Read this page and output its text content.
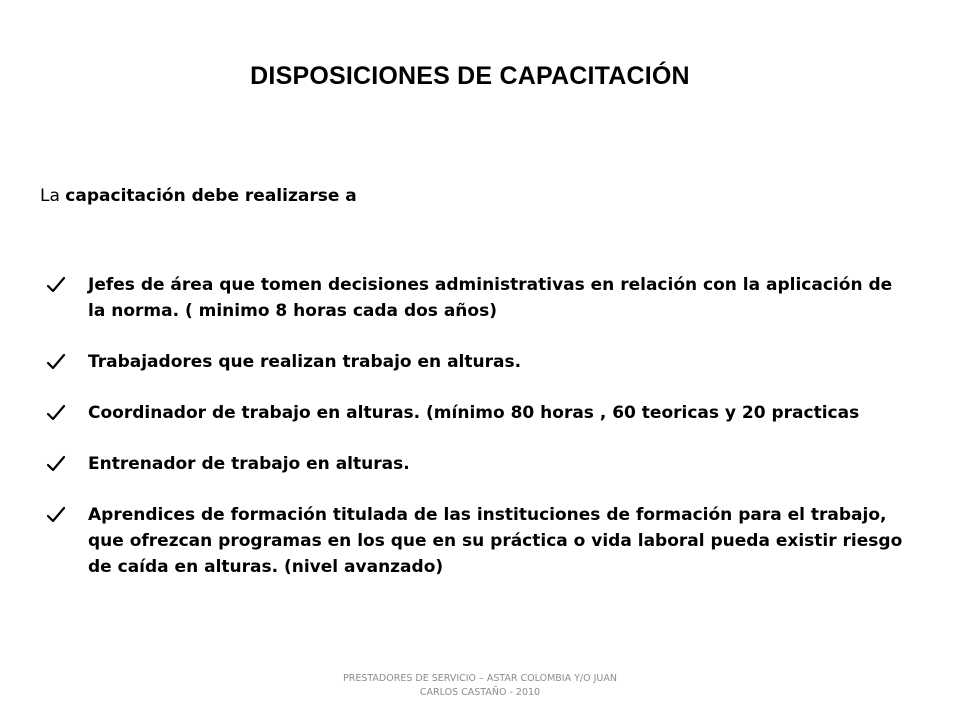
DISPOSICIONES DE CAPACITACIÓN

La capacitación debe realizarse a

Jefes de área que tomen decisiones administrativas en relación con la aplicación de la norma. ( minimo 8 horas cada dos años)
Trabajadores que realizan trabajo en alturas.
Coordinador de trabajo en alturas. (mínimo 80 horas , 60 teoricas y 20 practicas
Entrenador de trabajo en alturas.
Aprendices de formación titulada de las instituciones de formación para el trabajo, que ofrezcan programas en los que en su práctica o vida laboral pueda existir riesgo de caída en alturas. (nivel avanzado)
PRESTADORES DE SERVICIO – ASTAR COLOMBIA Y/O JUAN
CARLOS CASTAÑO - 2010
